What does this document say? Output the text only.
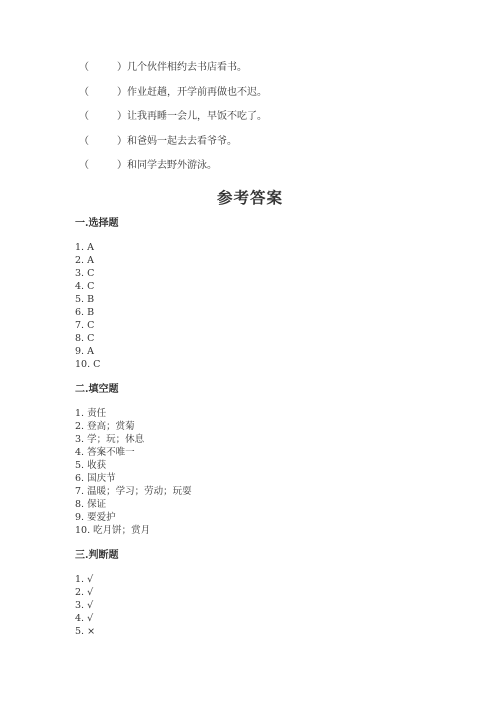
（	）几个伙伴相约去书店看书。
（	）作业赶趟，开学前再做也不迟。
（	）让我再睡一会儿，早饭不吃了。
（	）和爸妈一起去去看爷爷。
（	）和同学去野外游泳。
参考答案
一.选择题
1. A
2. A
3. C
4. C
5. B
6. B
7. C
8. C
9. A
10. C
二.填空题
1. 责任
2. 登高；赏菊
3. 学；玩；休息
4. 答案不唯一
5. 收获
6. 国庆节
7. 温暖；学习；劳动；玩耍
8. 保证
9. 要爱护
10. 吃月饼；赏月
三.判断题
1. √
2. √
3. √
4. √
5. ×
